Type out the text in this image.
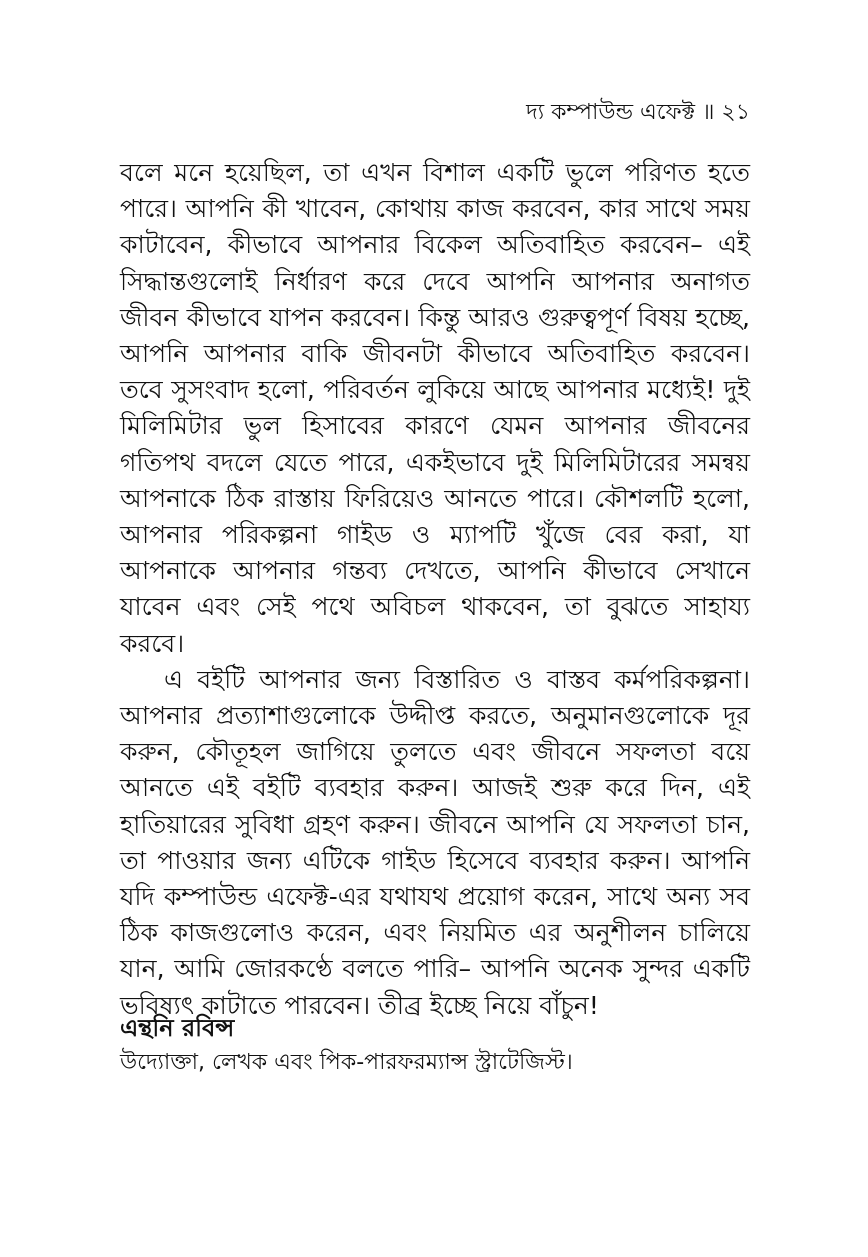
দ্য কম্পাউন্ড এফেক্ট ॥ ২১

বলে মনে হয়েছিল, তা এখন বিশাল একটি ভুলে পরিণত হতে পারে। আপনি কী খাবেন, কোথায় কাজ করবেন, কার সাথে সময় কাটাবেন, কীভাবে আপনার বিকেল অতিবাহিত করবেন– এই সিদ্ধান্তগুলোই নির্ধারণ করে দেবে আপনি আপনার অনাগত জীবন কীভাবে যাপন করবেন। কিন্তু আরও গুরুত্বপূর্ণ বিষয় হচ্ছে, আপনি আপনার বাকি জীবনটা কীভাবে অতিবাহিত করবেন। তবে সুসংবাদ হলো, পরিবর্তন লুকিয়ে আছে আপনার মধ্যেই! দুই মিলিমিটার ভুল হিসাবের কারণে যেমন আপনার জীবনের গতিপথ বদলে যেতে পারে, একইভাবে দুই মিলিমিটারের সমন্বয় আপনাকে ঠিক রাস্তায় ফিরিয়েও আনতে পারে। কৌশলটি হলো, আপনার পরিকল্পনা গাইড ও ম্যাপটি খুঁজে বের করা, যা আপনাকে আপনার গন্তব্য দেখতে, আপনি কীভাবে সেখানে যাবেন এবং সেই পথে অবিচল থাকবেন, তা বুঝতে সাহায্য করবে।

এ বইটি আপনার জন্য বিস্তারিত ও বাস্তব কর্মপরিকল্পনা। আপনার প্রত্যাশাগুলোকে উদ্দীপ্ত করতে, অনুমানগুলোকে দূর করুন, কৌতূহল জাগিয়ে তুলতে এবং জীবনে সফলতা বয়ে আনতে এই বইটি ব্যবহার করুন। আজই শুরু করে দিন, এই হাতিয়ারের সুবিধা গ্রহণ করুন। জীবনে আপনি যে সফলতা চান, তা পাওয়ার জন্য এটিকে গাইড হিসেবে ব্যবহার করুন। আপনি যদি কম্পাউন্ড এফেক্ট-এর যথাযথ প্রয়োগ করেন, সাথে অন্য সব ঠিক কাজগুলোও করেন, এবং নিয়মিত এর অনুশীলন চালিয়ে যান, আমি জোরকণ্ঠে বলতে পারি– আপনি অনেক সুন্দর একটি ভবিষ্যৎ কাটাতে পারবেন। তীব্র ইচ্ছে নিয়ে বাঁচুন!

এন্থনি রবিন্স

উদ্যোক্তা, লেখক এবং পিক-পারফরম্যান্স স্ট্রাটেজিস্ট।
